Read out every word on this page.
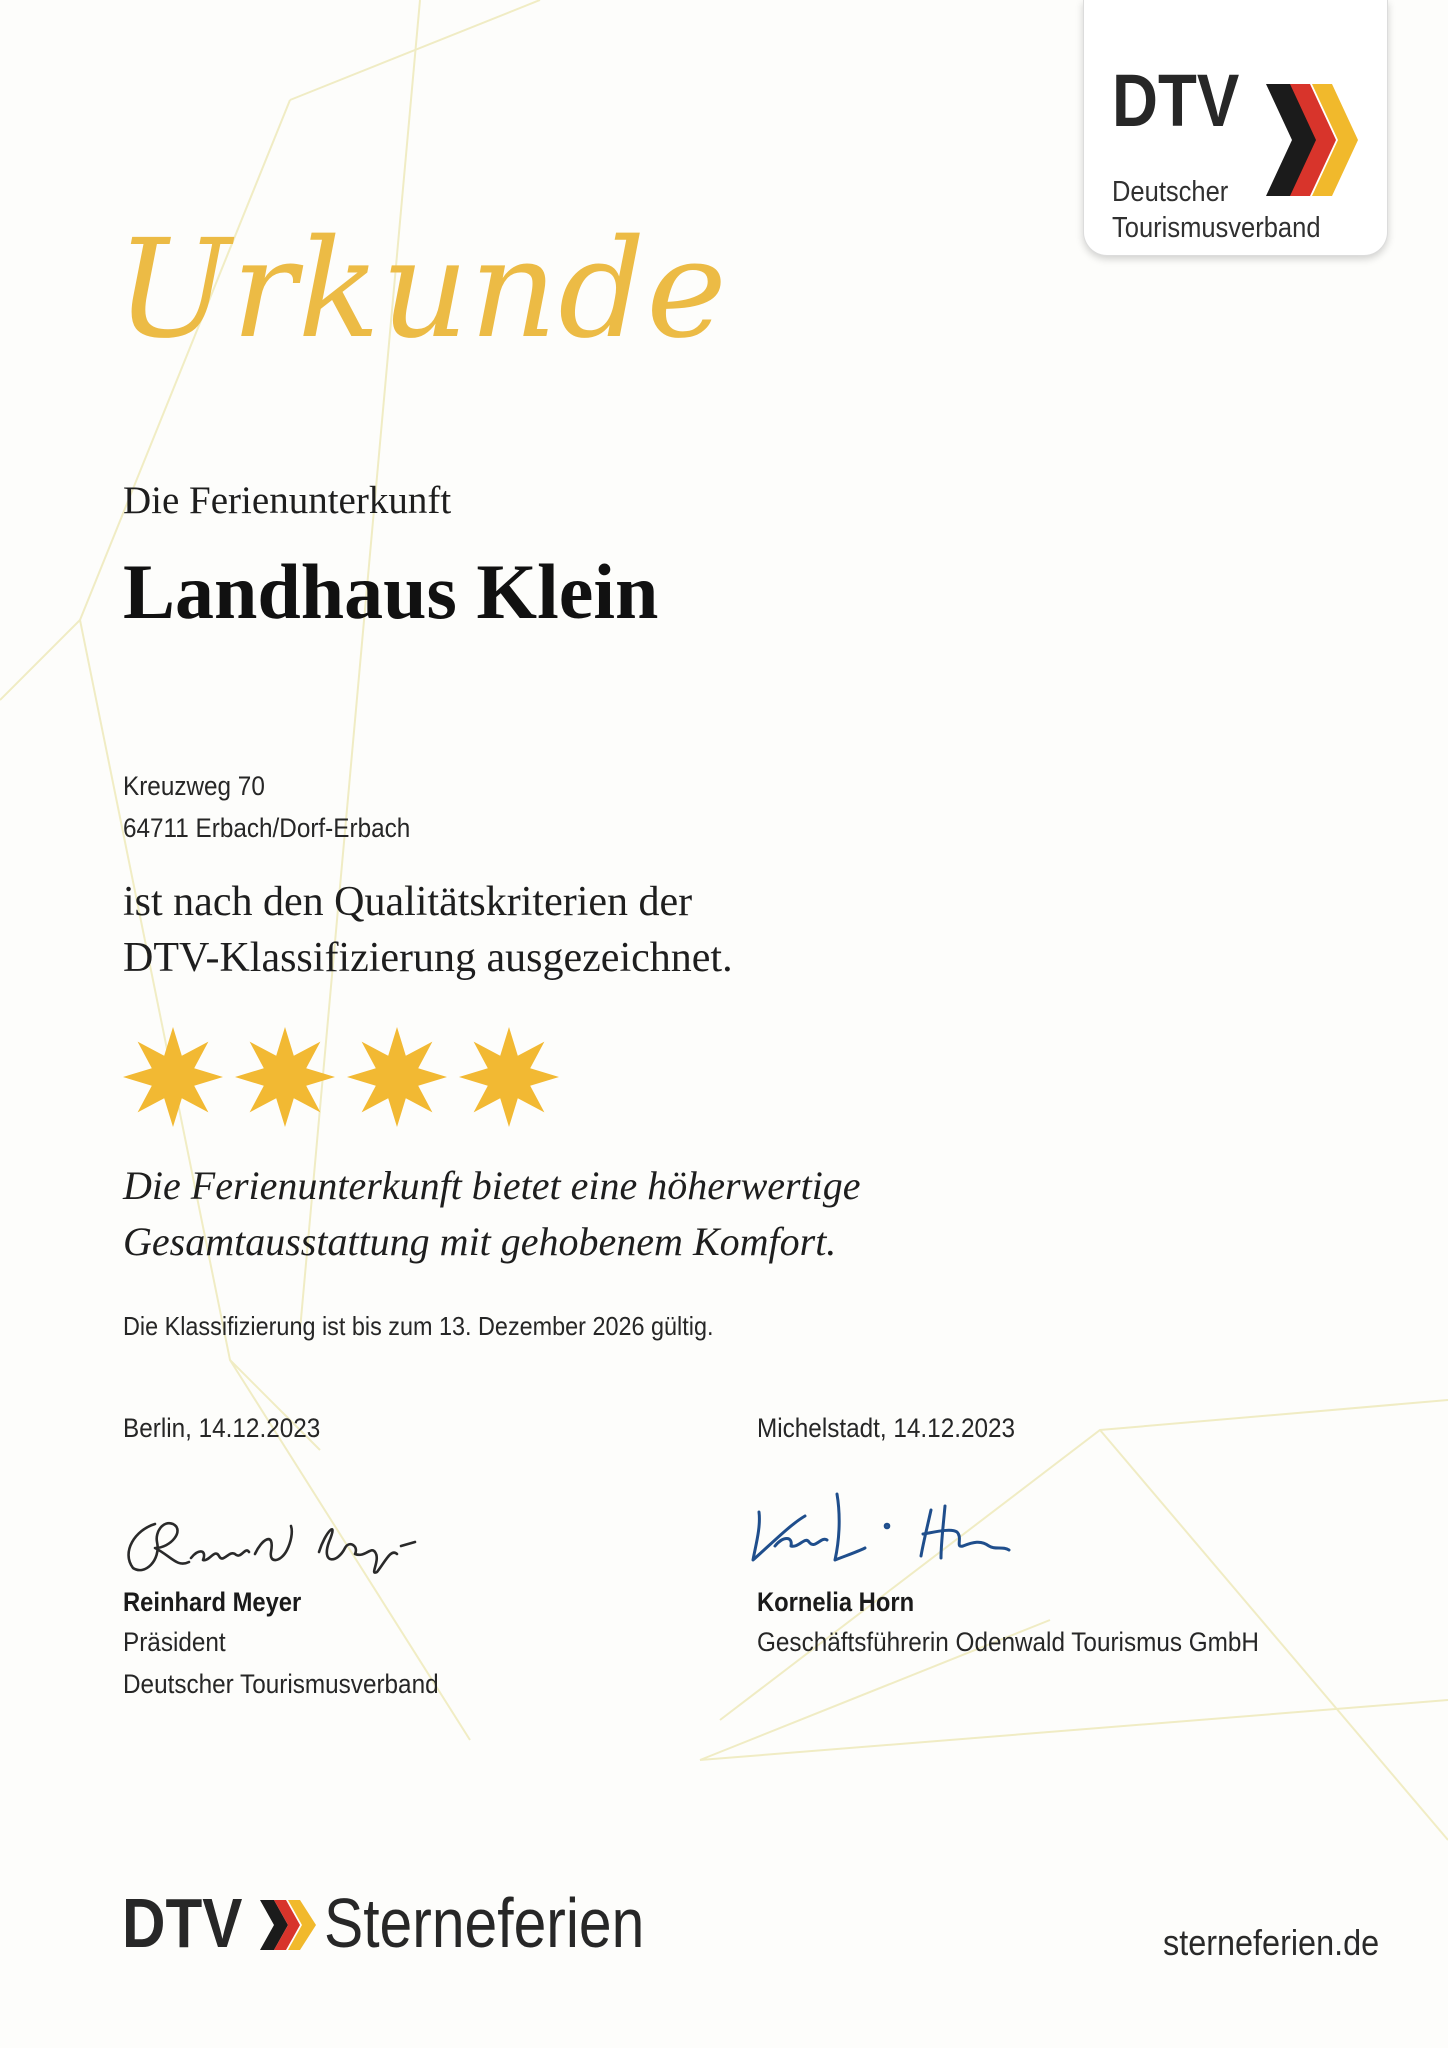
DTV
Deutscher
Tourismusverband
Urkunde
Die Ferienunterkunft
Landhaus Klein
Kreuzweg 70
64711 Erbach/Dorf-Erbach
ist nach den Qualitätskriterien der
DTV-Klassifizierung ausgezeichnet.
Die Ferienunterkunft bietet eine höherwertige
Gesamtausstattung mit gehobenem Komfort.
Die Klassifizierung ist bis zum 13. Dezember 2026 gültig.
Berlin, 14.12.2023
Reinhard Meyer
Präsident
Deutscher Tourismusverband
Michelstadt, 14.12.2023
Kornelia Horn
Geschäftsführerin Odenwald Tourismus GmbH
DTV Sterneferien	sterneferien.de
